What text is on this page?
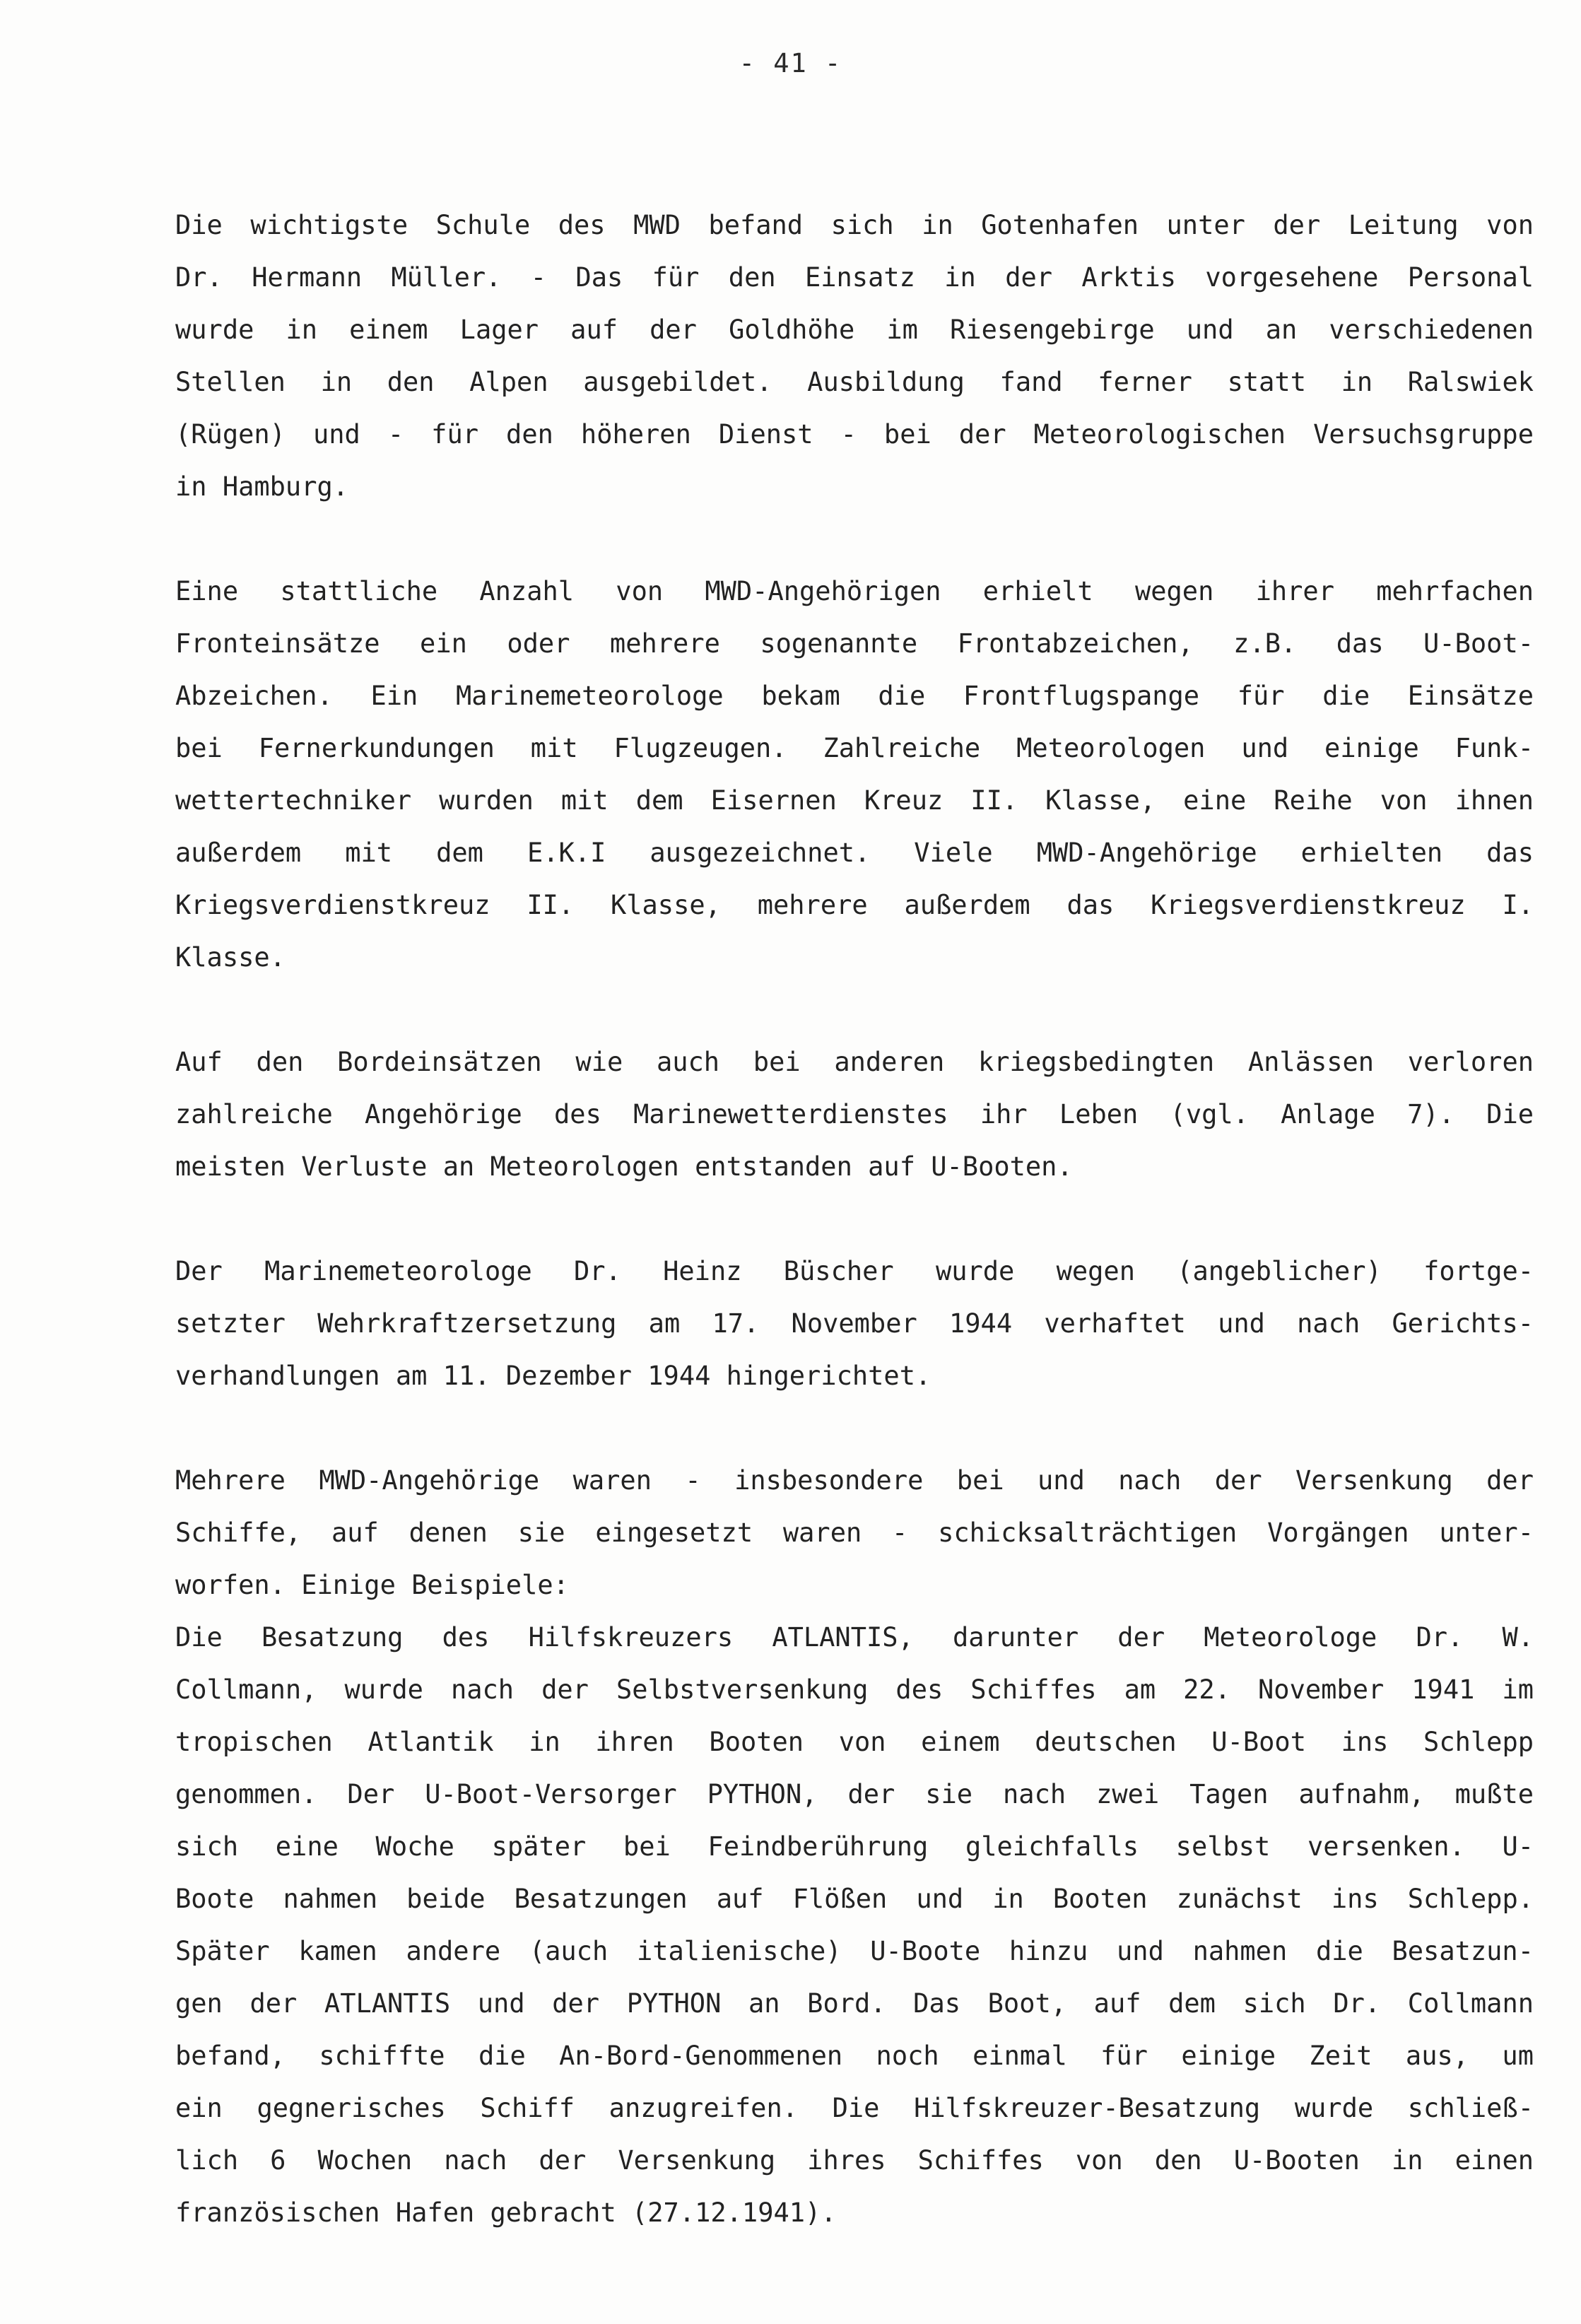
- 41 -
Die wichtigste Schule des MWD befand sich in Gotenhafen unter der Leitung von
Dr. Hermann Müller. - Das für den Einsatz in der Arktis vorgesehene Personal
wurde in einem Lager auf der Goldhöhe im Riesengebirge und an verschiedenen
Stellen in den Alpen ausgebildet. Ausbildung fand ferner statt in Ralswiek
(Rügen) und - für den höheren Dienst - bei der Meteorologischen Versuchsgruppe
in Hamburg.
Eine stattliche Anzahl von MWD-Angehörigen erhielt wegen ihrer mehrfachen
Fronteinsätze ein oder mehrere sogenannte Frontabzeichen, z.B. das U-Boot-
Abzeichen. Ein Marinemeteorologe bekam die Frontflugspange für die Einsätze
bei Fernerkundungen mit Flugzeugen. Zahlreiche Meteorologen und einige Funk-
wettertechniker wurden mit dem Eisernen Kreuz II. Klasse, eine Reihe von ihnen
außerdem mit dem E.K.I ausgezeichnet. Viele MWD-Angehörige erhielten das
Kriegsverdienstkreuz II. Klasse, mehrere außerdem das Kriegsverdienstkreuz I.
Klasse.
Auf den Bordeinsätzen wie auch bei anderen kriegsbedingten Anlässen verloren
zahlreiche Angehörige des Marinewetterdienstes ihr Leben (vgl. Anlage 7). Die
meisten Verluste an Meteorologen entstanden auf U-Booten.
Der Marinemeteorologe Dr. Heinz Büscher wurde wegen (angeblicher) fortge-
setzter Wehrkraftzersetzung am 17. November 1944 verhaftet und nach Gerichts-
verhandlungen am 11. Dezember 1944 hingerichtet.
Mehrere MWD-Angehörige waren - insbesondere bei und nach der Versenkung der
Schiffe, auf denen sie eingesetzt waren - schicksalträchtigen Vorgängen unter-
worfen. Einige Beispiele:
Die Besatzung des Hilfskreuzers ATLANTIS, darunter der Meteorologe Dr. W.
Collmann, wurde nach der Selbstversenkung des Schiffes am 22. November 1941 im
tropischen Atlantik in ihren Booten von einem deutschen U-Boot ins Schlepp
genommen. Der U-Boot-Versorger PYTHON, der sie nach zwei Tagen aufnahm, mußte
sich eine Woche später bei Feindberührung gleichfalls selbst versenken. U-
Boote nahmen beide Besatzungen auf Flößen und in Booten zunächst ins Schlepp.
Später kamen andere (auch italienische) U-Boote hinzu und nahmen die Besatzun-
gen der ATLANTIS und der PYTHON an Bord. Das Boot, auf dem sich Dr. Collmann
befand, schiffte die An-Bord-Genommenen noch einmal für einige Zeit aus, um
ein gegnerisches Schiff anzugreifen. Die Hilfskreuzer-Besatzung wurde schließ-
lich 6 Wochen nach der Versenkung ihres Schiffes von den U-Booten in einen
französischen Hafen gebracht (27.12.1941).
